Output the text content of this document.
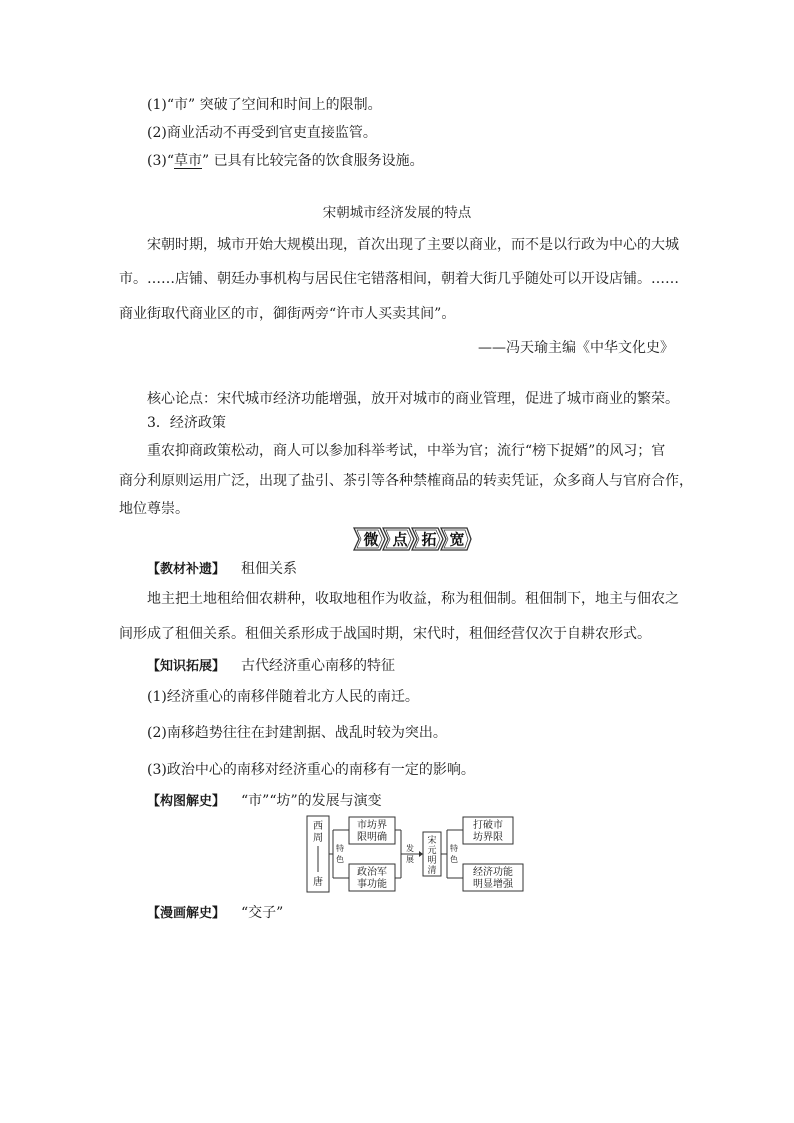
(1)“市” 突破了空间和时间上的限制。
(2)商业活动不再受到官吏直接监管。
(3)“草市” 已具有比较完备的饮食服务设施。
宋朝城市经济发展的特点
宋朝时期，城市开始大规模出现，首次出现了主要以商业，而不是以行政为中心的大城
市。……店铺、朝廷办事机构与居民住宅错落相间，朝着大街几乎随处可以开设店铺。……
商业街取代商业区的市，御街两旁“许市人买卖其间”。
——冯天瑜主编《中华文化史》
核心论点：宋代城市经济功能增强，放开对城市的商业管理，促进了城市商业的繁荣。
3．经济政策
重农抑商政策松动，商人可以参加科举考试，中举为官；流行“榜下捉婿”的风习；官
商分利原则运用广泛，出现了盐引、茶引等各种禁榷商品的转卖凭证，众多商人与官府合作，
地位尊崇。
微 点 拓 宽
【教材补遗】 租佃关系
地主把土地租给佃农耕种，收取地租作为收益，称为租佃制。租佃制下，地主与佃农之
间形成了租佃关系。租佃关系形成于战国时期，宋代时，租佃经营仅次于自耕农形式。
【知识拓展】 古代经济重心南移的特征
(1)经济重心的南移伴随着北方人民的南迁。
(2)南移趋势往往在封建割据、战乱时较为突出。
(3)政治中心的南移对经济重心的南移有一定的影响。
【构图解史】 “市”“坊”的发展与演变
西
周
唐
特
色
市坊界
限明确
政治军
事功能
发
展
宋
元
明
清
特
色
打破市
坊界限
经济功能
明显增强
【漫画解史】 “交子”
